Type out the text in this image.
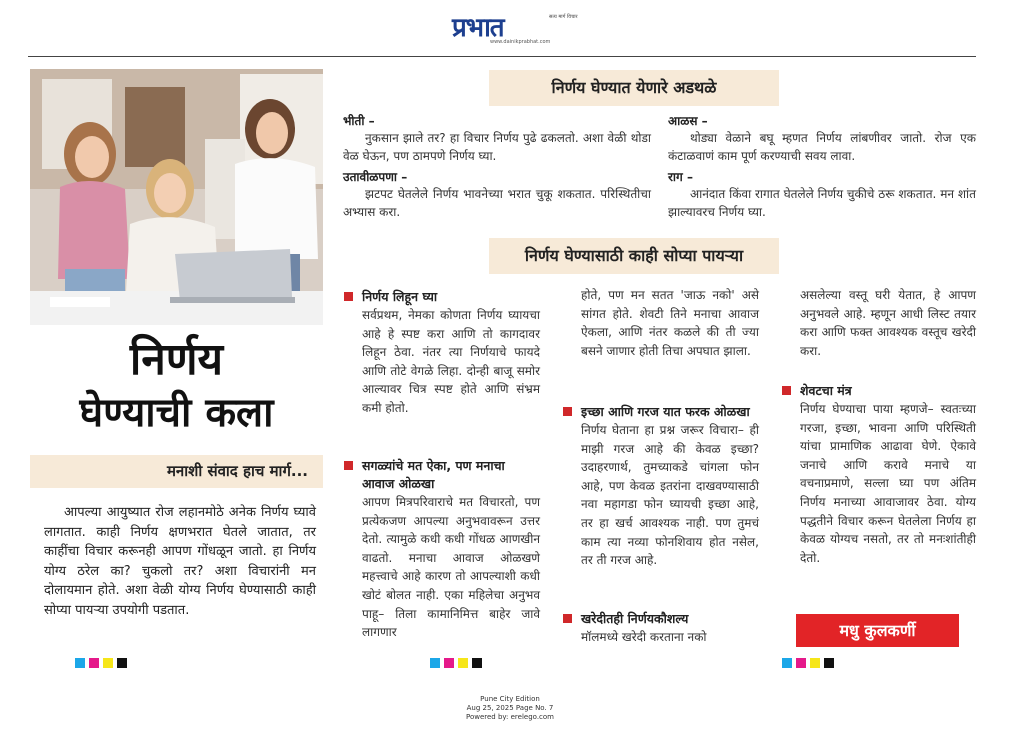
प्रभात	सत्य मार्ग विचार
www.dainikprabhat.com
निर्णय
घेण्याची कला
मनाशी संवाद हाच मार्ग...
आपल्या आयुष्यात रोज लहानमोठे अनेक निर्णय घ्यावे लागतात. काही निर्णय क्षणभरात घेतले जातात, तर काहींचा विचार करूनही आपण गोंधळून जातो. हा निर्णय योग्य ठरेल का? चुकलो तर? अशा विचारांनी मन दोलायमान होते. अशा वेळी योग्य निर्णय घेण्यासाठी काही सोप्या पायऱ्या उपयोगी पडतात.
निर्णय घेण्यात येणारे अडथळे
भीती –
नुकसान झाले तर? हा विचार निर्णय पुढे ढकलतो. अशा वेळी थोडा वेळ घेऊन, पण ठामपणे निर्णय घ्या.
उतावीळपणा –
झटपट घेतलेले निर्णय भावनेच्या भरात चुकू शकतात. परिस्थितीचा अभ्यास करा.
आळस –
थोड्या वेळाने बघू म्हणत निर्णय लांबणीवर जातो. रोज एक कंटाळवाणं काम पूर्ण करण्याची सवय लावा.
राग –
आनंदात किंवा रागात घेतलेले निर्णय चुकीचे ठरू शकतात. मन शांत झाल्यावरच निर्णय घ्या.
निर्णय घेण्यासाठी काही सोप्या पायऱ्या
निर्णय लिहून घ्या
सर्वप्रथम, नेमका कोणता निर्णय घ्यायचा आहे हे स्पष्ट करा आणि तो कागदावर लिहून ठेवा. नंतर त्या निर्णयाचे फायदे आणि तोटे वेगळे लिहा. दोन्ही बाजू समोर आल्यावर चित्र स्पष्ट होते आणि संभ्रम कमी होतो.
सगळ्यांचे मत ऐका, पण मनाचा आवाज ओळखा
आपण मित्रपरिवाराचे मत विचारतो, पण प्रत्येकजण आपल्या अनुभवावरून उत्तर देतो. त्यामुळे कधी कधी गोंधळ आणखीन वाढतो. मनाचा आवाज ओळखणे महत्त्वाचे आहे कारण तो आपल्याशी कधी खोटं बोलत नाही. एका महिलेचा अनुभव पाहू– तिला कामानिमित्त बाहेर जावे लागणार
होते, पण मन सतत 'जाऊ नको' असे सांगत होते. शेवटी तिने मनाचा आवाज ऐकला, आणि नंतर कळले की ती ज्या बसने जाणार होती तिचा अपघात झाला.
इच्छा आणि गरज यात फरक ओळखा
निर्णय घेताना हा प्रश्न जरूर विचारा– ही माझी गरज आहे की केवळ इच्छा? उदाहरणार्थ, तुमच्याकडे चांगला फोन आहे, पण केवळ इतरांना दाखवण्यासाठी नवा महागडा फोन घ्यायची इच्छा आहे, तर हा खर्च आवश्यक नाही. पण तुमचं काम त्या नव्या फोनशिवाय होत नसेल, तर ती गरज आहे.
खरेदीतही निर्णयकौशल्य
मॉलमध्ये खरेदी करताना नको
असलेल्या वस्तू घरी येतात, हे आपण अनुभवले आहे. म्हणून आधी लिस्ट तयार करा आणि फक्त आवश्यक वस्तूच खरेदी करा.
शेवटचा मंत्र
निर्णय घेण्याचा पाया म्हणजे– स्वतःच्या गरजा, इच्छा, भावना आणि परिस्थिती यांचा प्रामाणिक आढावा घेणे. ऐकावे जनाचे आणि करावे मनाचे या वचनाप्रमाणे, सल्ला घ्या पण अंतिम निर्णय मनाच्या आवाजावर ठेवा. योग्य पद्धतीने विचार करून घेतलेला निर्णय हा केवळ योग्यच नसतो, तर तो मनःशांतीही देतो.
मधु कुलकर्णी
Pune City Edition
Aug 25, 2025 Page No. 7
Powered by: erelego.com
